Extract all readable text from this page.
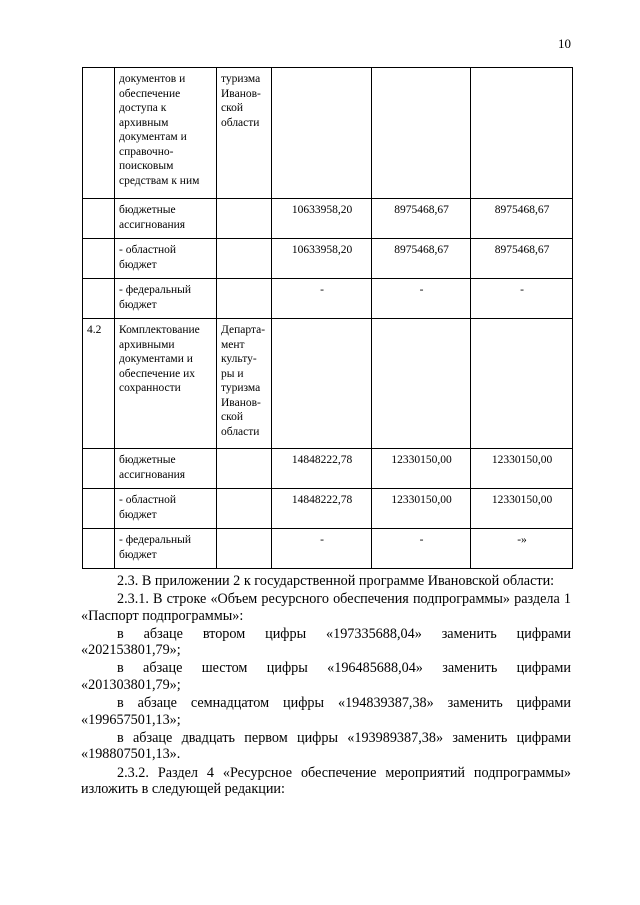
10
	документов и обеспечение доступа к архивным документам и справочно-поисковым средствам к ним	туризма Иванов-ской области			
	бюджетные ассигнования		10633958,20	8975468,67	8975468,67
	- областной бюджет		10633958,20	8975468,67	8975468,67
	- федеральный бюджет		-	-	-
4.2	Комплектование архивными документами и обеспечение их сохранности	Департа-мент культу-ры и туризма Иванов-ской области			
	бюджетные ассигнования		14848222,78	12330150,00	12330150,00
	- областной бюджет		14848222,78	12330150,00	12330150,00
	- федеральный бюджет		-	-	-»

2.3. В приложении 2 к государственной программе Ивановской области:

2.3.1. В строке «Объем ресурсного обеспечения подпрограммы» раздела 1 «Паспорт подпрограммы»:

в абзаце втором цифры «197335688,04» заменить цифрами «202153801,79»;

в абзаце шестом цифры «196485688,04» заменить цифрами «201303801,79»;

в абзаце семнадцатом цифры «194839387,38» заменить цифрами «199657501,13»;

в абзаце двадцать первом цифры «193989387,38» заменить цифрами «198807501,13».

2.3.2. Раздел 4 «Ресурсное обеспечение мероприятий подпрограммы» изложить в следующей редакции:
